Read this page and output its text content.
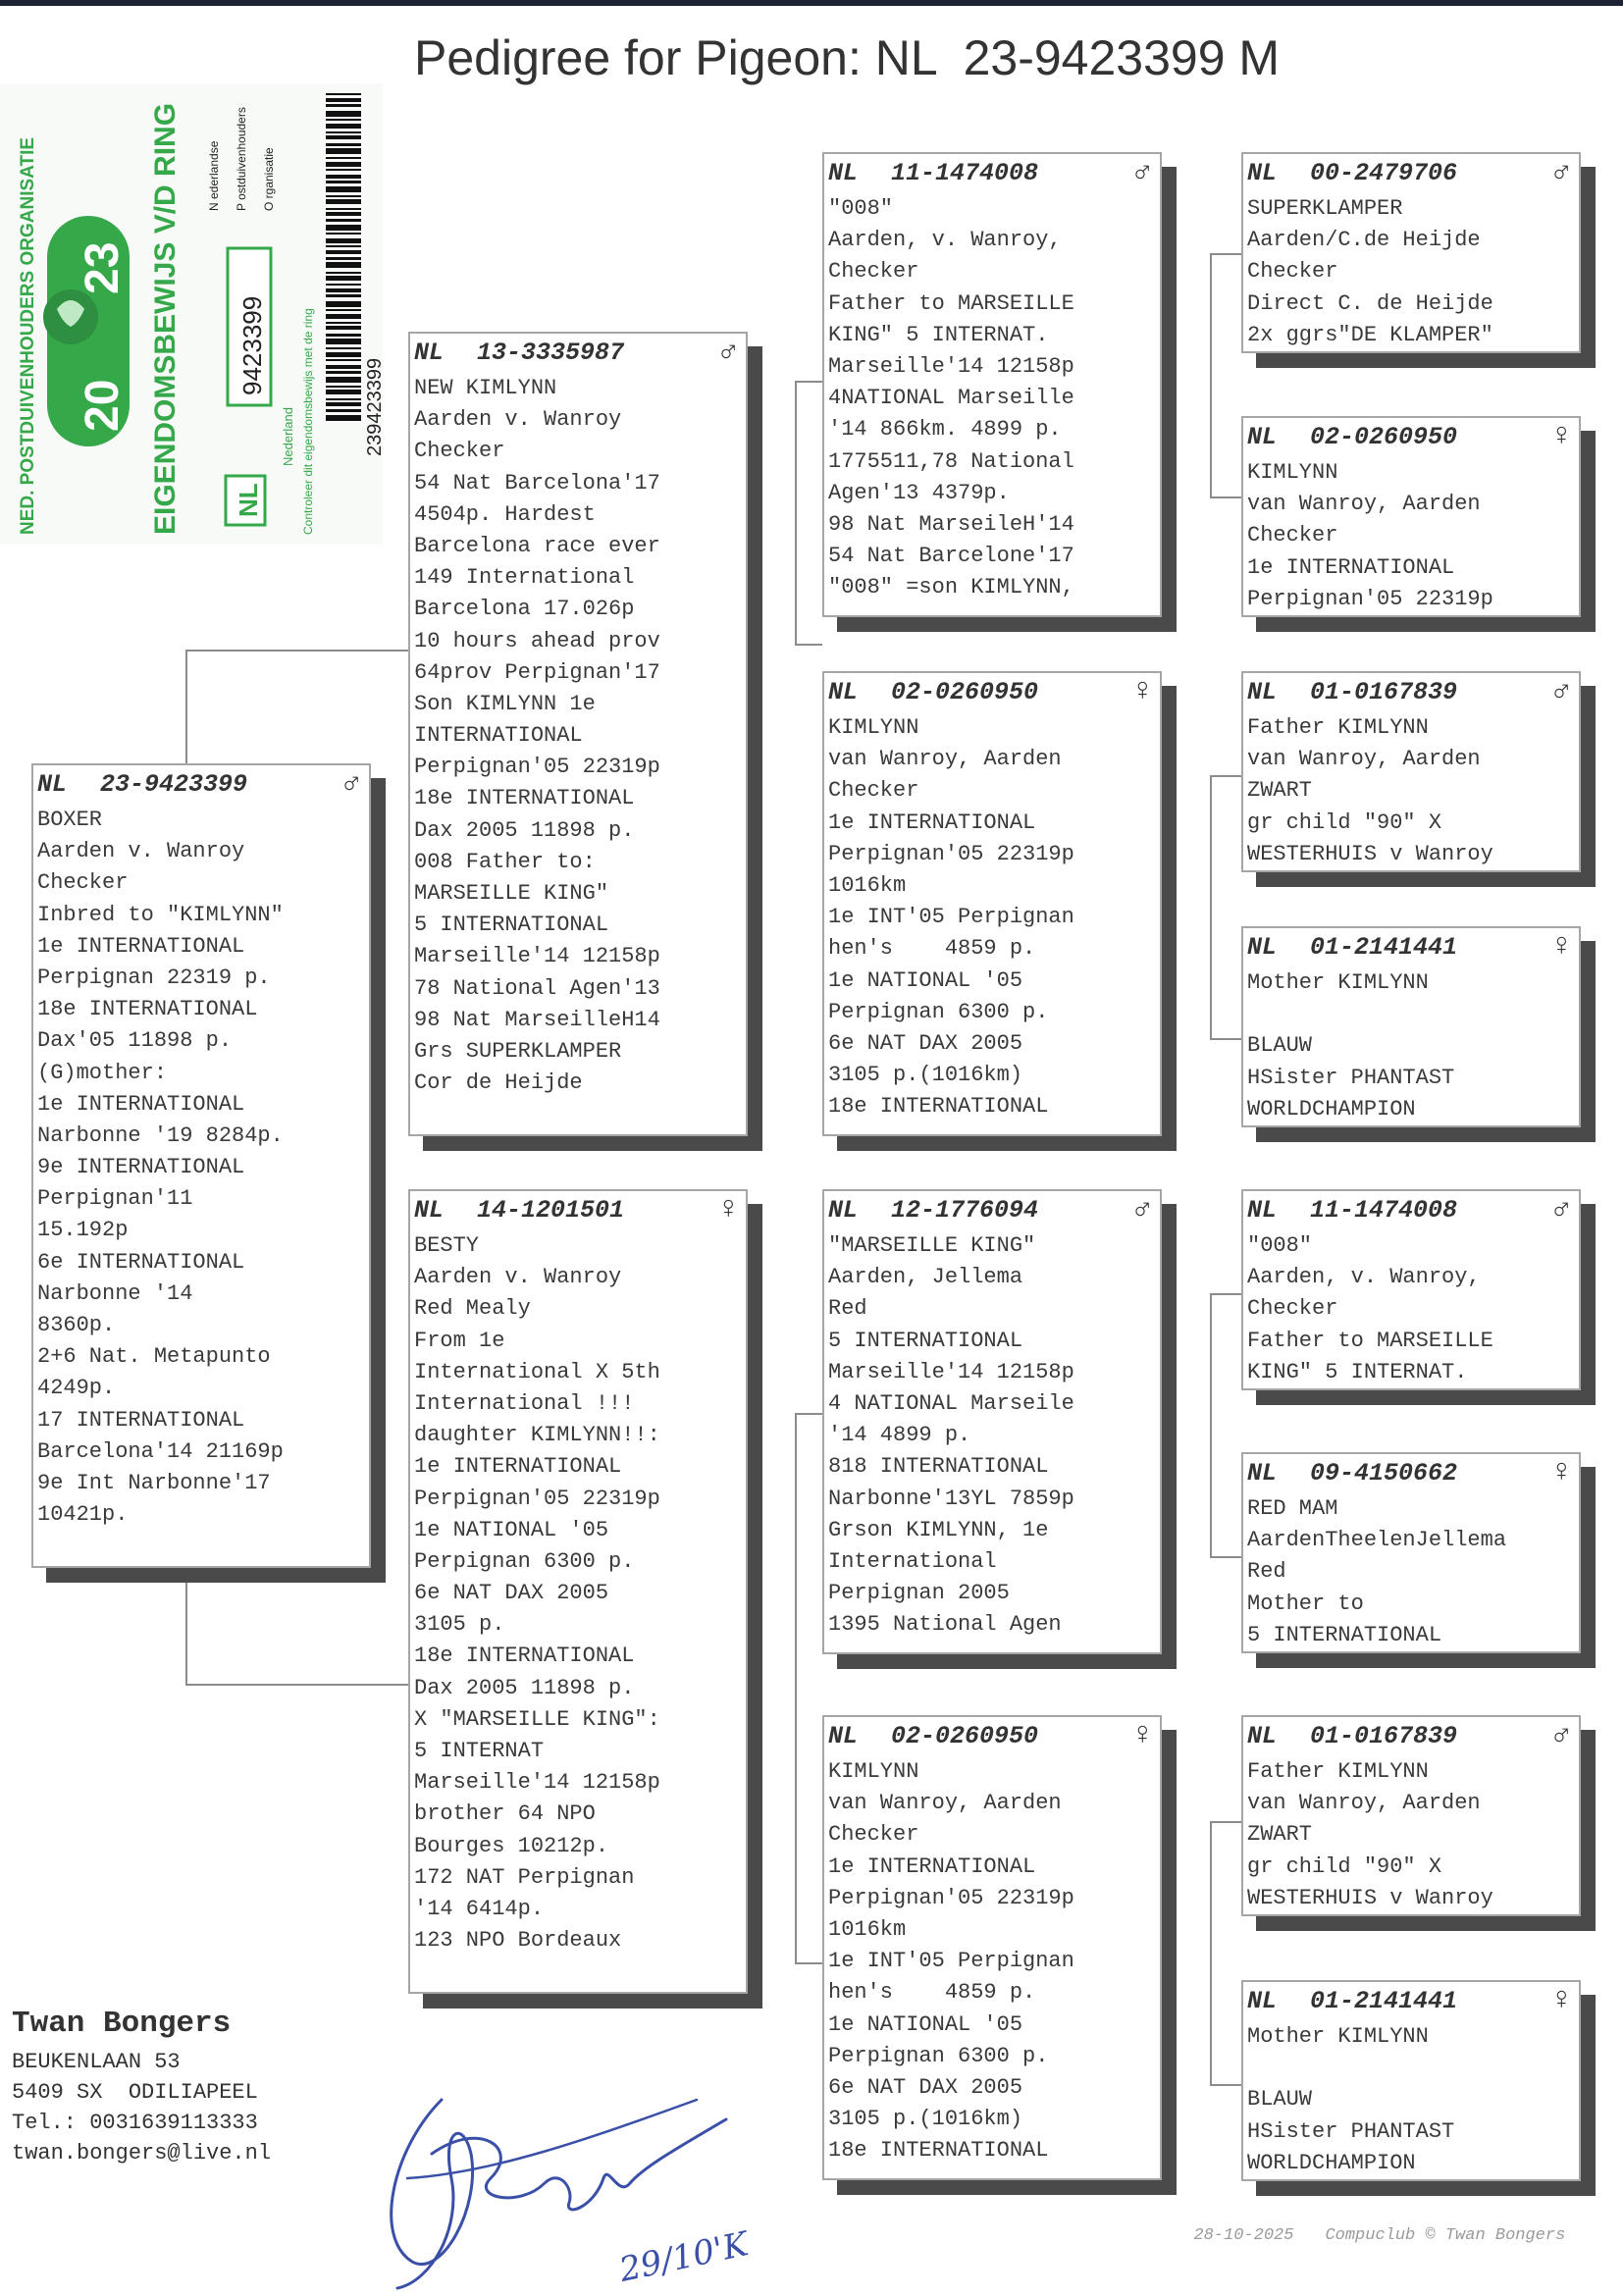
Pedigree for Pigeon: NL  23-9423399 M
NED. POSTDUIVENHOUDERS ORGANISATIE	EIGENDOMSBEWIJS V/D RING
20
23
9423399
NL
Nederland Controleer dit eigendomsbewijs met de ring
N ederlandse P ostduivenhouders O rganisatie
239423399
NL 23-9423399	♂
BOXER
Aarden v. Wanroy
Checker
Inbred to "KIMLYNN"
1e INTERNATIONAL
Perpignan 22319 p.
18e INTERNATIONAL
Dax'05 11898 p.
(G)mother:
1e INTERNATIONAL
Narbonne '19 8284p.
9e INTERNATIONAL
Perpignan'11
15.192p
6e INTERNATIONAL
Narbonne '14
8360p.
2+6 Nat. Metapunto
4249p.
17 INTERNATIONAL
Barcelona'14 21169p
9e Int Narbonne'17
10421p.
NL 13-3335987	♂
NEW KIMLYNN
Aarden v. Wanroy
Checker
54 Nat Barcelona'17
4504p. Hardest
Barcelona race ever
149 International
Barcelona 17.026p
10 hours ahead prov
64prov Perpignan'17
Son KIMLYNN 1e
INTERNATIONAL
Perpignan'05 22319p
18e INTERNATIONAL
Dax 2005 11898 p.
008 Father to:
MARSEILLE KING"
5 INTERNATIONAL
Marseille'14 12158p
78 National Agen'13
98 Nat MarseilleH14
Grs SUPERKLAMPER
Cor de Heijde
NL 14-1201501	♀
BESTY
Aarden v. Wanroy
Red Mealy
From 1e
International X 5th
International !!!
daughter KIMLYNN!!:
1e INTERNATIONAL
Perpignan'05 22319p
1e NATIONAL '05
Perpignan 6300 p.
6e NAT DAX 2005
3105 p.
18e INTERNATIONAL
Dax 2005 11898 p.
X "MARSEILLE KING":
5 INTERNAT
Marseille'14 12158p
brother 64 NPO
Bourges 10212p.
172 NAT Perpignan
'14 6414p.
123 NPO Bordeaux
NL 11-1474008	♂
"008"
Aarden, v. Wanroy,
Checker
Father to MARSEILLE
KING" 5 INTERNAT.
Marseille'14 12158p
4NATIONAL Marseille
'14 866km. 4899 p.
1775511,78 National
Agen'13 4379p.
98 Nat MarseileH'14
54 Nat Barcelone'17
"008" =son KIMLYNN,
NL 02-0260950	♀
KIMLYNN
van Wanroy, Aarden
Checker
1e INTERNATIONAL
Perpignan'05 22319p
1016km
1e INT'05 Perpignan
hen's    4859 p.
1e NATIONAL '05
Perpignan 6300 p.
6e NAT DAX 2005
3105 p.(1016km)
18e INTERNATIONAL
NL 12-1776094	♂
"MARSEILLE KING"
Aarden, Jellema
Red
5 INTERNATIONAL
Marseille'14 12158p
4 NATIONAL Marseile
'14 4899 p.
818 INTERNATIONAL
Narbonne'13YL 7859p
Grson KIMLYNN, 1e
International
Perpignan 2005
1395 National Agen
NL 02-0260950	♀
KIMLYNN
van Wanroy, Aarden
Checker
1e INTERNATIONAL
Perpignan'05 22319p
1016km
1e INT'05 Perpignan
hen's    4859 p.
1e NATIONAL '05
Perpignan 6300 p.
6e NAT DAX 2005
3105 p.(1016km)
18e INTERNATIONAL
NL 00-2479706	♂
SUPERKLAMPER
Aarden/C.de Heijde
Checker
Direct C. de Heijde
2x ggrs"DE KLAMPER"
NL 02-0260950	♀
KIMLYNN
van Wanroy, Aarden
Checker
1e INTERNATIONAL
Perpignan'05 22319p
NL 01-0167839	♂
Father KIMLYNN
van Wanroy, Aarden
ZWART
gr child "90" X
WESTERHUIS v Wanroy
NL 01-2141441	♀
Mother KIMLYNN
BLAUW
HSister PHANTAST
WORLDCHAMPION
NL 11-1474008	♂
"008"
Aarden, v. Wanroy,
Checker
Father to MARSEILLE
KING" 5 INTERNAT.
NL 09-4150662	♀
RED MAM
AardenTheelenJellema
Red
Mother to
5 INTERNATIONAL
NL 01-0167839	♂
Father KIMLYNN
van Wanroy, Aarden
ZWART
gr child "90" X
WESTERHUIS v Wanroy
NL 01-2141441	♀
Mother KIMLYNN
BLAUW
HSister PHANTAST
WORLDCHAMPION
Twan Bongers
BEUKENLAAN 53
5409 SX  ODILIAPEEL
Tel.: 0031639113333
twan.bongers@live.nl
29/10'K	28-10-2025 Compuclub © Twan Bongers
